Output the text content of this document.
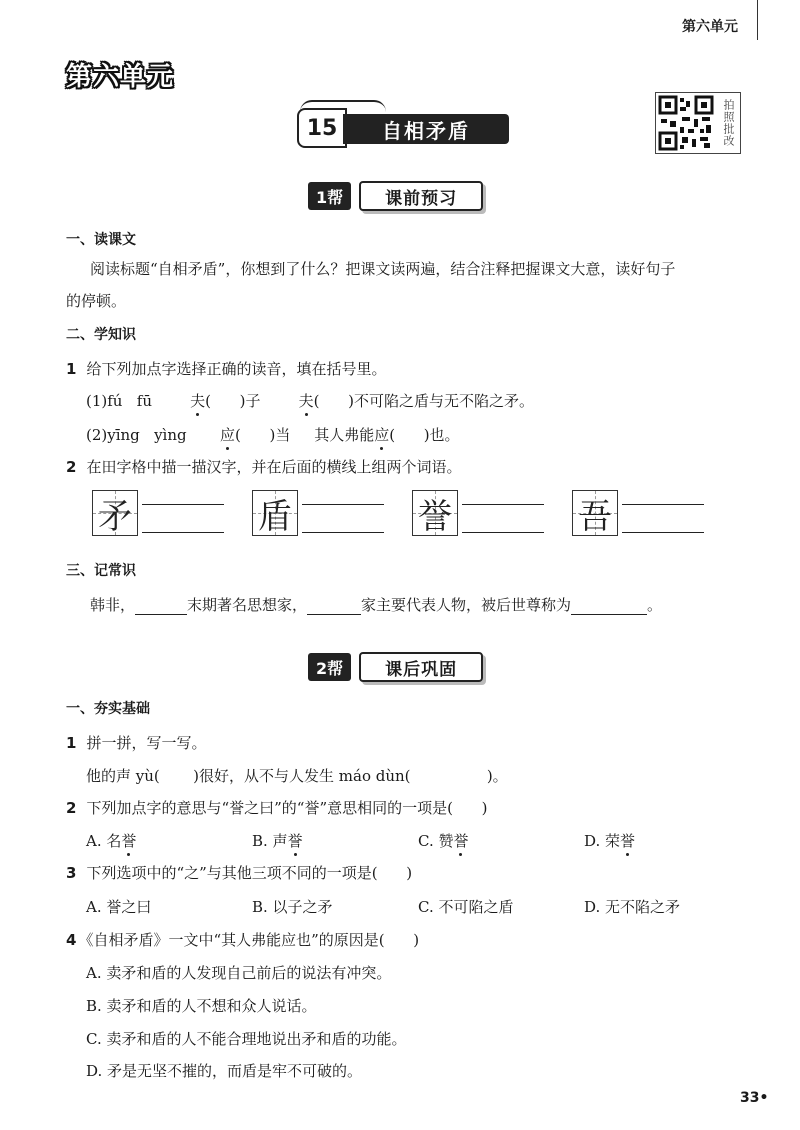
第六单元
第六单元
15	自相矛盾	拍照批改
1帮	课前预习
一、读课文
阅读标题“自相矛盾”，你想到了什么？把课文读两遍，结合注释把握课文大意，读好句子
的停顿。
二、学知识
1 给下列加点字选择正确的读音，填在括号里。
(1)fú   fū	夫(      )子	夫(      )不可陷之盾与无不陷之矛。
(2)yīng   yìng 应(      )当 其人弗能应(      )也。
2 在田字格中描一描汉字，并在后面的横线上组两个词语。
矛	盾	誉	吾
三、记常识
韩非，	末期著名思想家，	家主要代表人物，被后世尊称为	。
2帮	课后巩固
一、夯实基础
1 拼一拼，写一写。
他的声 yù( )很好，从不与人发生 máo dùn(	)。
2 下列加点字的意思与“誉之曰”的“誉”意思相同的一项是(      )
A. 名誉	B. 声誉	C. 赞誉	D. 荣誉
3 下列选项中的“之”与其他三项不同的一项是(      )
A. 誉之曰	B. 以子之矛	C. 不可陷之盾	D. 无不陷之矛
4 《自相矛盾》一文中“其人弗能应也”的原因是(      )
A. 卖矛和盾的人发现自己前后的说法有冲突。
B. 卖矛和盾的人不想和众人说话。
C. 卖矛和盾的人不能合理地说出矛和盾的功能。
D. 矛是无坚不摧的，而盾是牢不可破的。
33•
